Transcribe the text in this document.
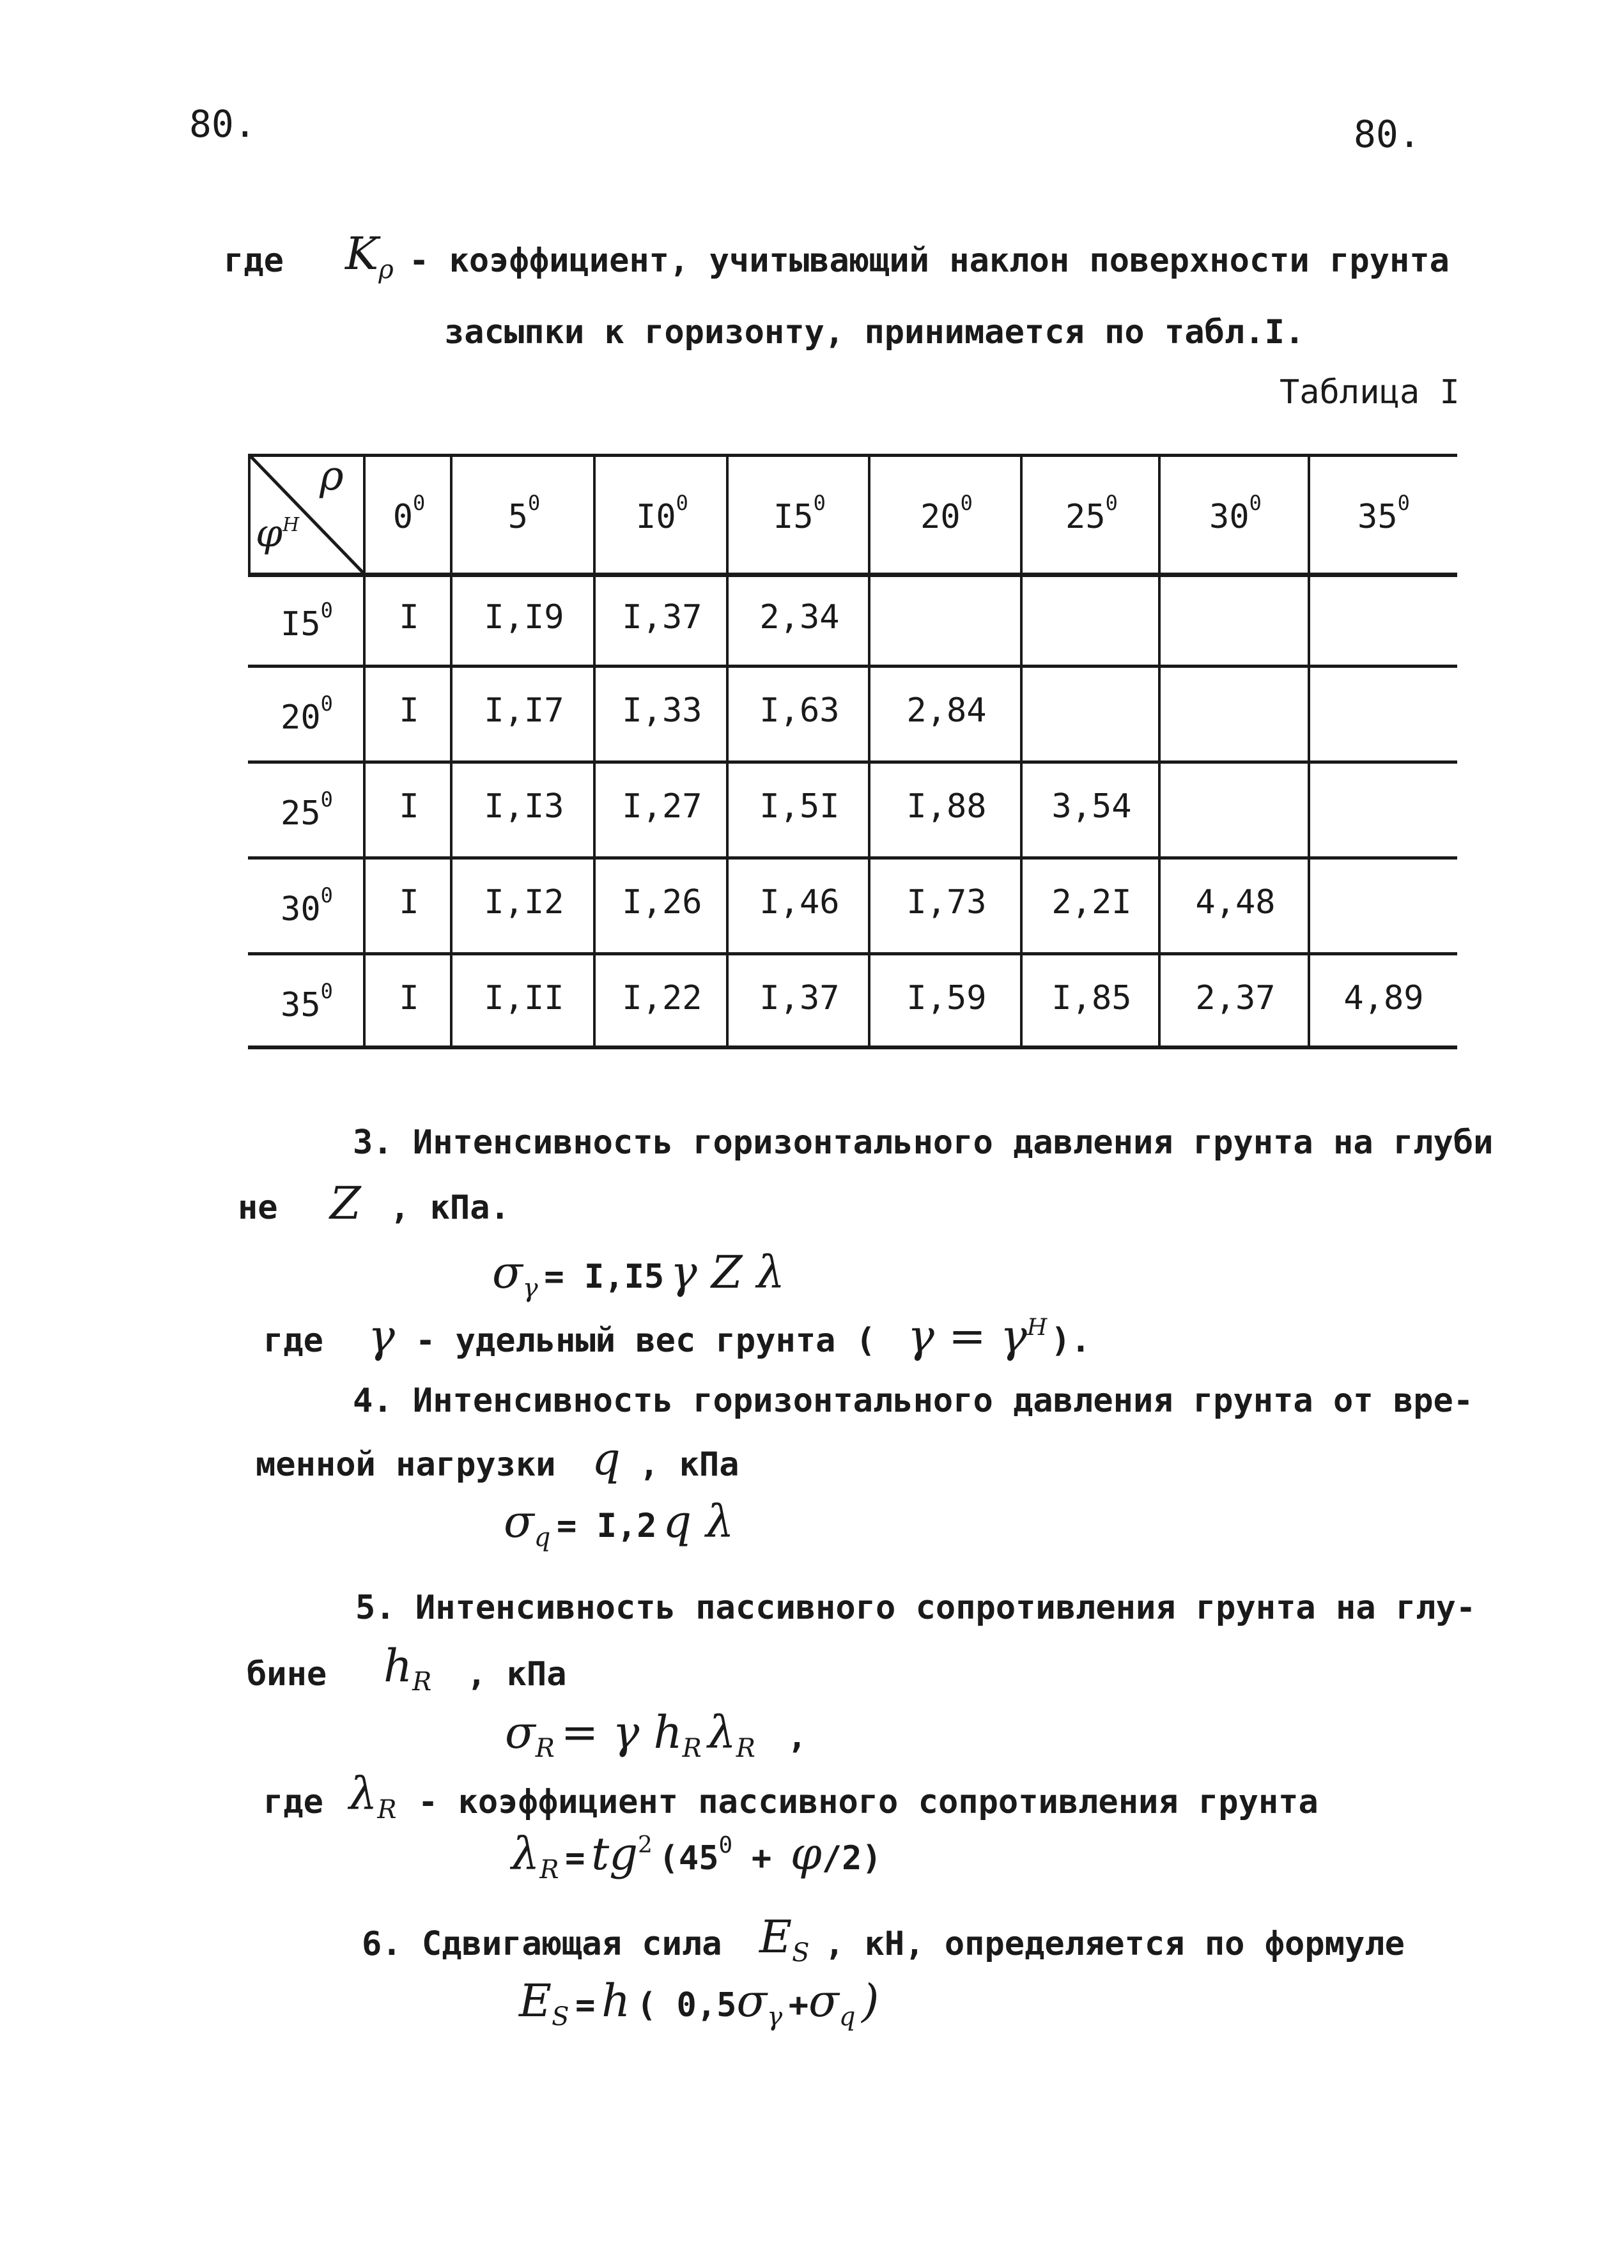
80.	80.
где $K_\rho$ - коэффициент, учитывающий наклон поверхности грунта
засыпки к горизонту, принимается по табл.I.
Таблица I
ρ
$\varphi^H$	$0^0$	$5^0$	$I0^0$	$I5^0$	$20^0$	$25^0$	$30^0$	$35^0$
$I5^0$	I	I,I9	I,37	2,34
$20^0$	I	I,I7	I,33	I,63	2,84
$25^0$	I	I,I3	I,27	I,5I	I,88	3,54
$30^0$	I	I,I2	I,26	I,46	I,73	2,2I	4,48
$35^0$	I	I,II	I,22	I,37	I,59	I,85	2,37	4,89
3. Интенсивность горизонтального давления грунта на глуби
не Z , кПа.
σγ = I,I5 γ Z λ
где γ - удельный вес грунта ( γ = γH ).
4. Интенсивность горизонтального давления грунта от вре-
менной нагрузки q , кПа
σq = I,2 q λ
5. Интенсивность пассивного сопротивления грунта на глу-
бине hR , кПа
σR = γ hR λR ,
где λR - коэффициент пассивного сопротивления грунта
λR = tg2 (450 + φ/2)
6. Сдвигающая сила ES , кН, определяется по формуле
ES = h ( 0,5σγ +σq )
